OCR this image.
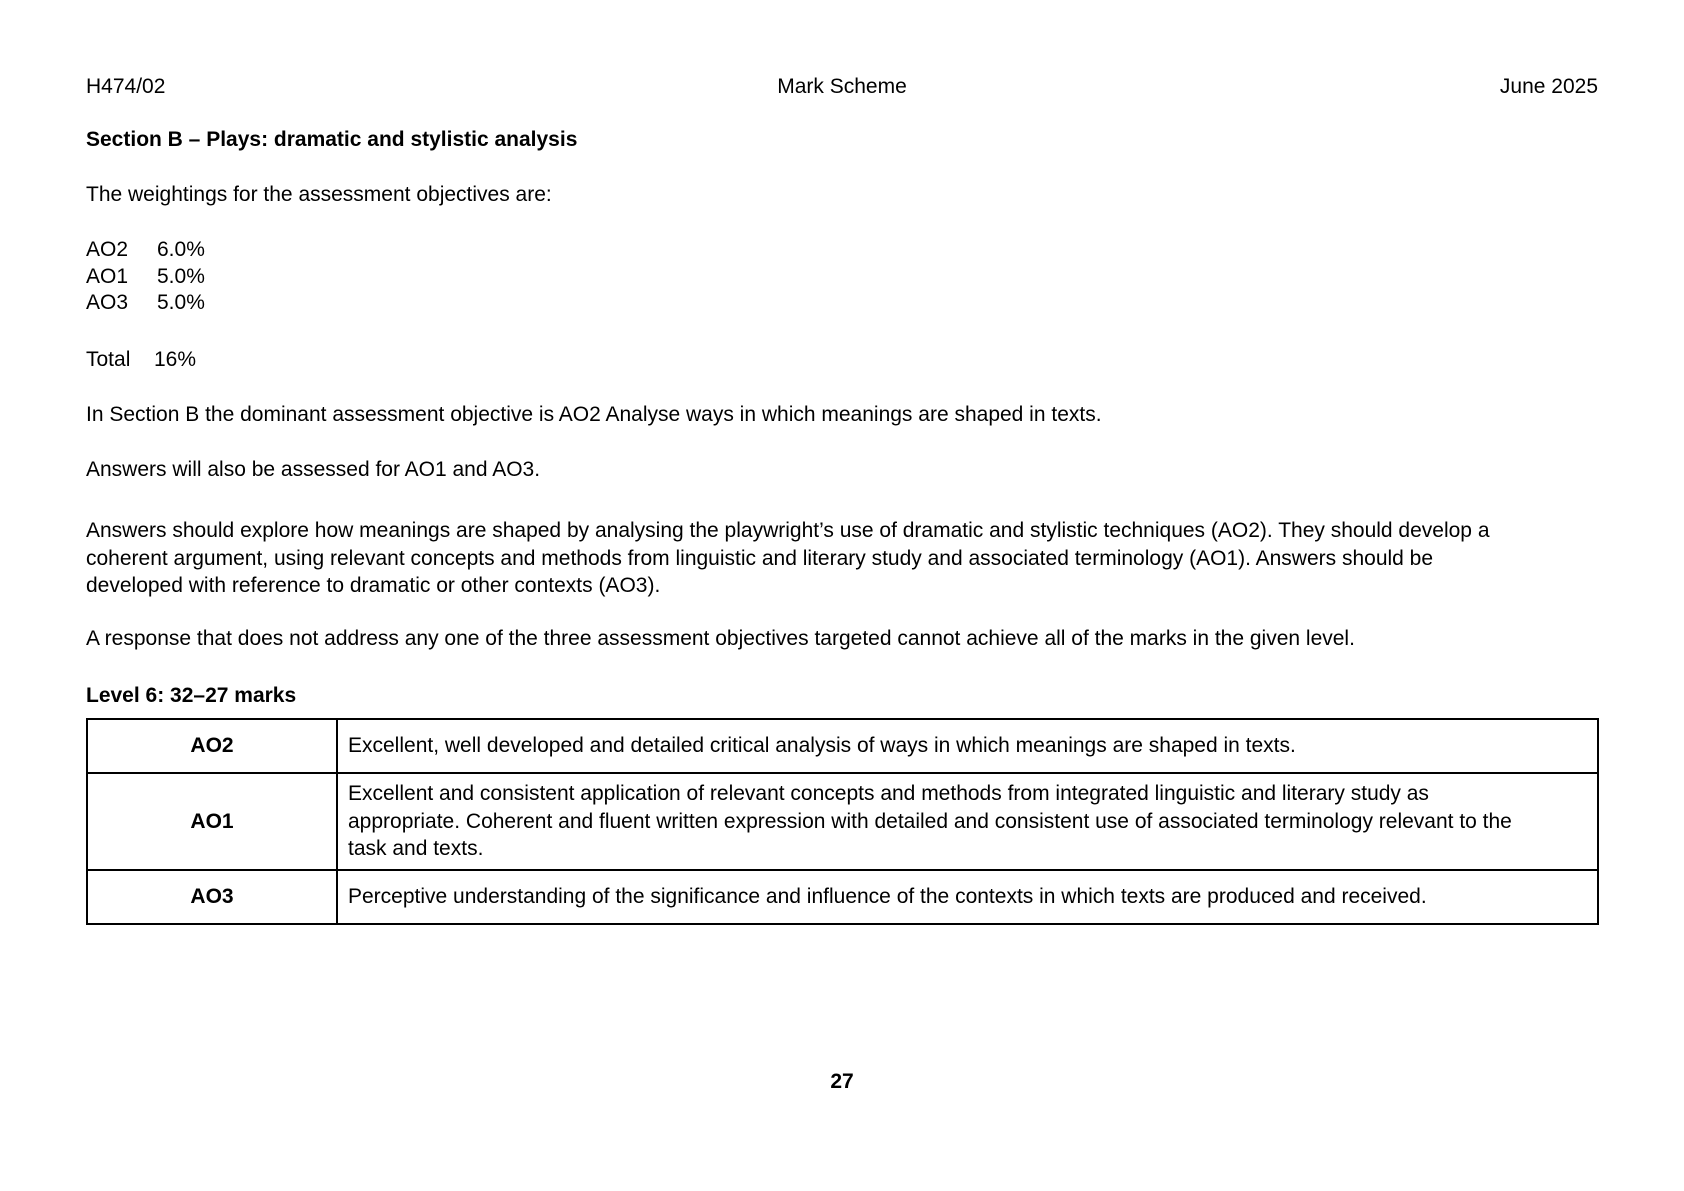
H474/02	Mark Scheme	June 2025
Section B – Plays: dramatic and stylistic analysis
The weightings for the assessment objectives are:
AO2 6.0%
AO1 5.0%
AO3 5.0%
Total 16%
In Section B the dominant assessment objective is AO2 Analyse ways in which meanings are shaped in texts.
Answers will also be assessed for AO1 and AO3.
Answers should explore how meanings are shaped by analysing the playwright’s use of dramatic and stylistic techniques (AO2). They should develop a
coherent argument, using relevant concepts and methods from linguistic and literary study and associated terminology (AO1). Answers should be
developed with reference to dramatic or other contexts (AO3).
A response that does not address any one of the three assessment objectives targeted cannot achieve all of the marks in the given level.
Level 6: 32–27 marks
AO2	Excellent, well developed and detailed critical analysis of ways in which meanings are shaped in texts.

AO1	Excellent and consistent application of relevant concepts and methods from integrated linguistic and literary study as
appropriate. Coherent and fluent written expression with detailed and consistent use of associated terminology relevant to the
task and texts.

AO3	Perceptive understanding of the significance and influence of the contexts in which texts are produced and received.
27
